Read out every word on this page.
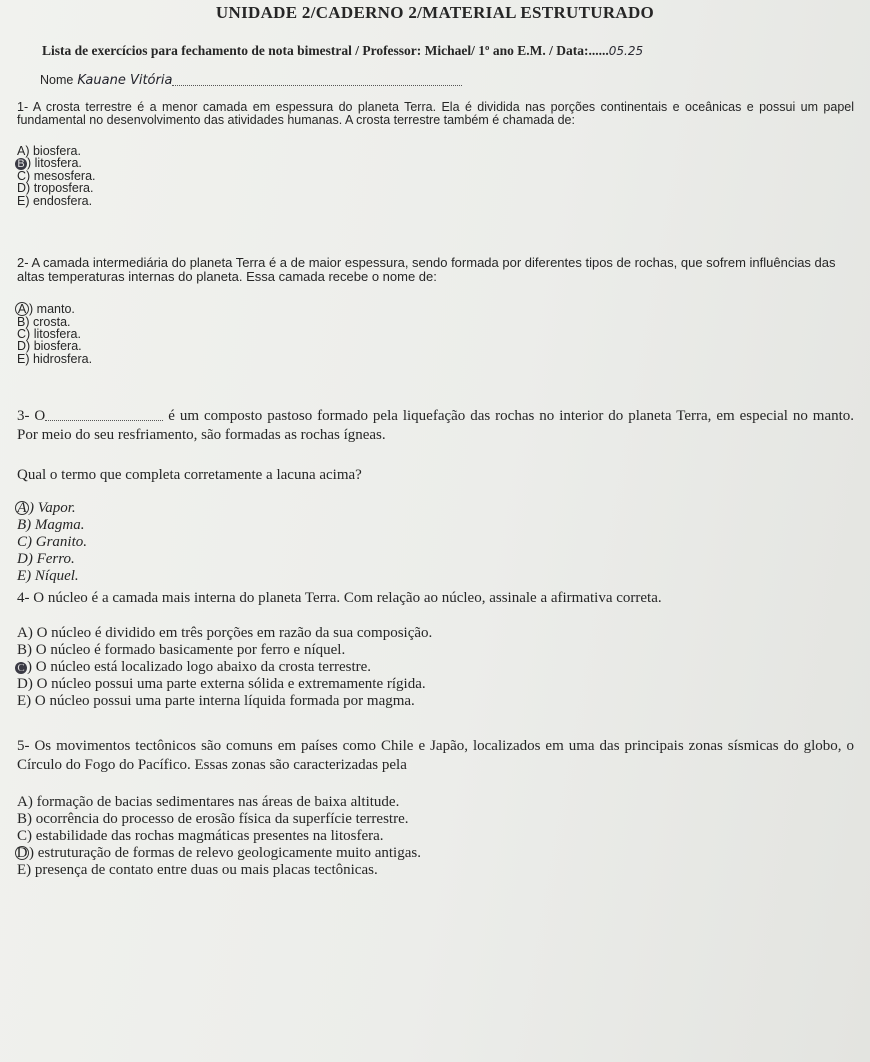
UNIDADE 2/CADERNO 2/MATERIAL ESTRUTURADO
Lista de exercícios para fechamento de nota bimestral / Professor: Michael/ 1º ano E.M. / Data:......05.25
Nome Kauane Vitória

1- A crosta terrestre é a menor camada em espessura do planeta Terra. Ela é dividida nas porções continentais e oceânicas e possui um papel fundamental no desenvolvimento das atividades humanas. A crosta terrestre também é chamada de:

A) biosfera.
B ) litosfera.
C) mesosfera.
D) troposfera.
E) endosfera.

2- A camada intermediária do planeta Terra é a de maior espessura, sendo formada por diferentes tipos de rochas, que sofrem influências das altas temperaturas internas do planeta. Essa camada recebe o nome de:

A ) manto.
B) crosta.
C) litosfera.
D) biosfera.
E) hidrosfera.

3- O	é um composto pastoso formado pela liquefação das rochas no interior do planeta Terra, em especial no manto. Por meio do seu resfriamento, são formadas as rochas ígneas.

Qual o termo que completa corretamente a lacuna acima?

A ) Vapor.
B) Magma.
C) Granito.
D) Ferro.
E) Níquel.

4- O núcleo é a camada mais interna do planeta Terra. Com relação ao núcleo, assinale a afirmativa correta.

A) O núcleo é dividido em três porções em razão da sua composição.
B) O núcleo é formado basicamente por ferro e níquel.
C ) O núcleo está localizado logo abaixo da crosta terrestre.
D) O núcleo possui uma parte externa sólida e extremamente rígida.
E) O núcleo possui uma parte interna líquida formada por magma.

5- Os movimentos tectônicos são comuns em países como Chile e Japão, localizados em uma das principais zonas sísmicas do globo, o Círculo do Fogo do Pacífico. Essas zonas são caracterizadas pela

A) formação de bacias sedimentares nas áreas de baixa altitude.
B) ocorrência do processo de erosão física da superfície terrestre.
C) estabilidade das rochas magmáticas presentes na litosfera.
D ) estruturação de formas de relevo geologicamente muito antigas.
E) presença de contato entre duas ou mais placas tectônicas.
